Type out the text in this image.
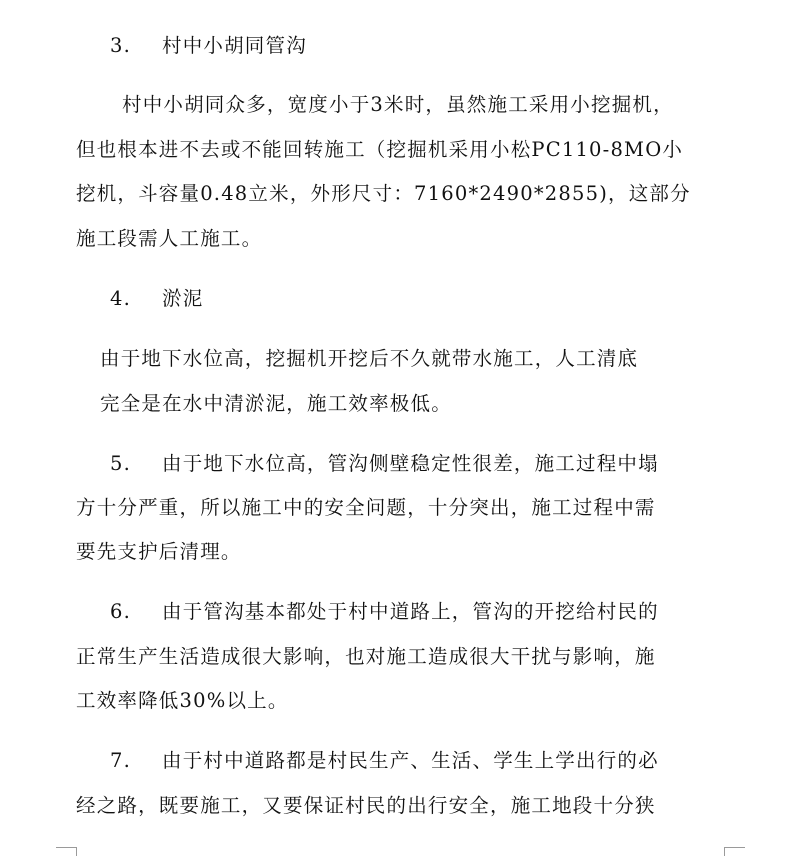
3. 村中小胡同管沟
村中小胡同众多，宽度小于3米时，虽然施工采用小挖掘机，
但也根本进不去或不能回转施工（挖掘机采用小松PC110-8MO小
挖机，斗容量0.48立米，外形尺寸：7160*2490*2855)，这部分
施工段需人工施工。
4. 淤泥
由于地下水位高，挖掘机开挖后不久就带水施工，人工清底
完全是在水中清淤泥，施工效率极低。
5. 由于地下水位高，管沟侧壁稳定性很差，施工过程中塌
方十分严重，所以施工中的安全问题，十分突出，施工过程中需
要先支护后清理。
6. 由于管沟基本都处于村中道路上，管沟的开挖给村民的
正常生产生活造成很大影响，也对施工造成很大干扰与影响，施
工效率降低30%以上。
7. 由于村中道路都是村民生产、生活、学生上学出行的必
经之路，既要施工，又要保证村民的出行安全，施工地段十分狭
